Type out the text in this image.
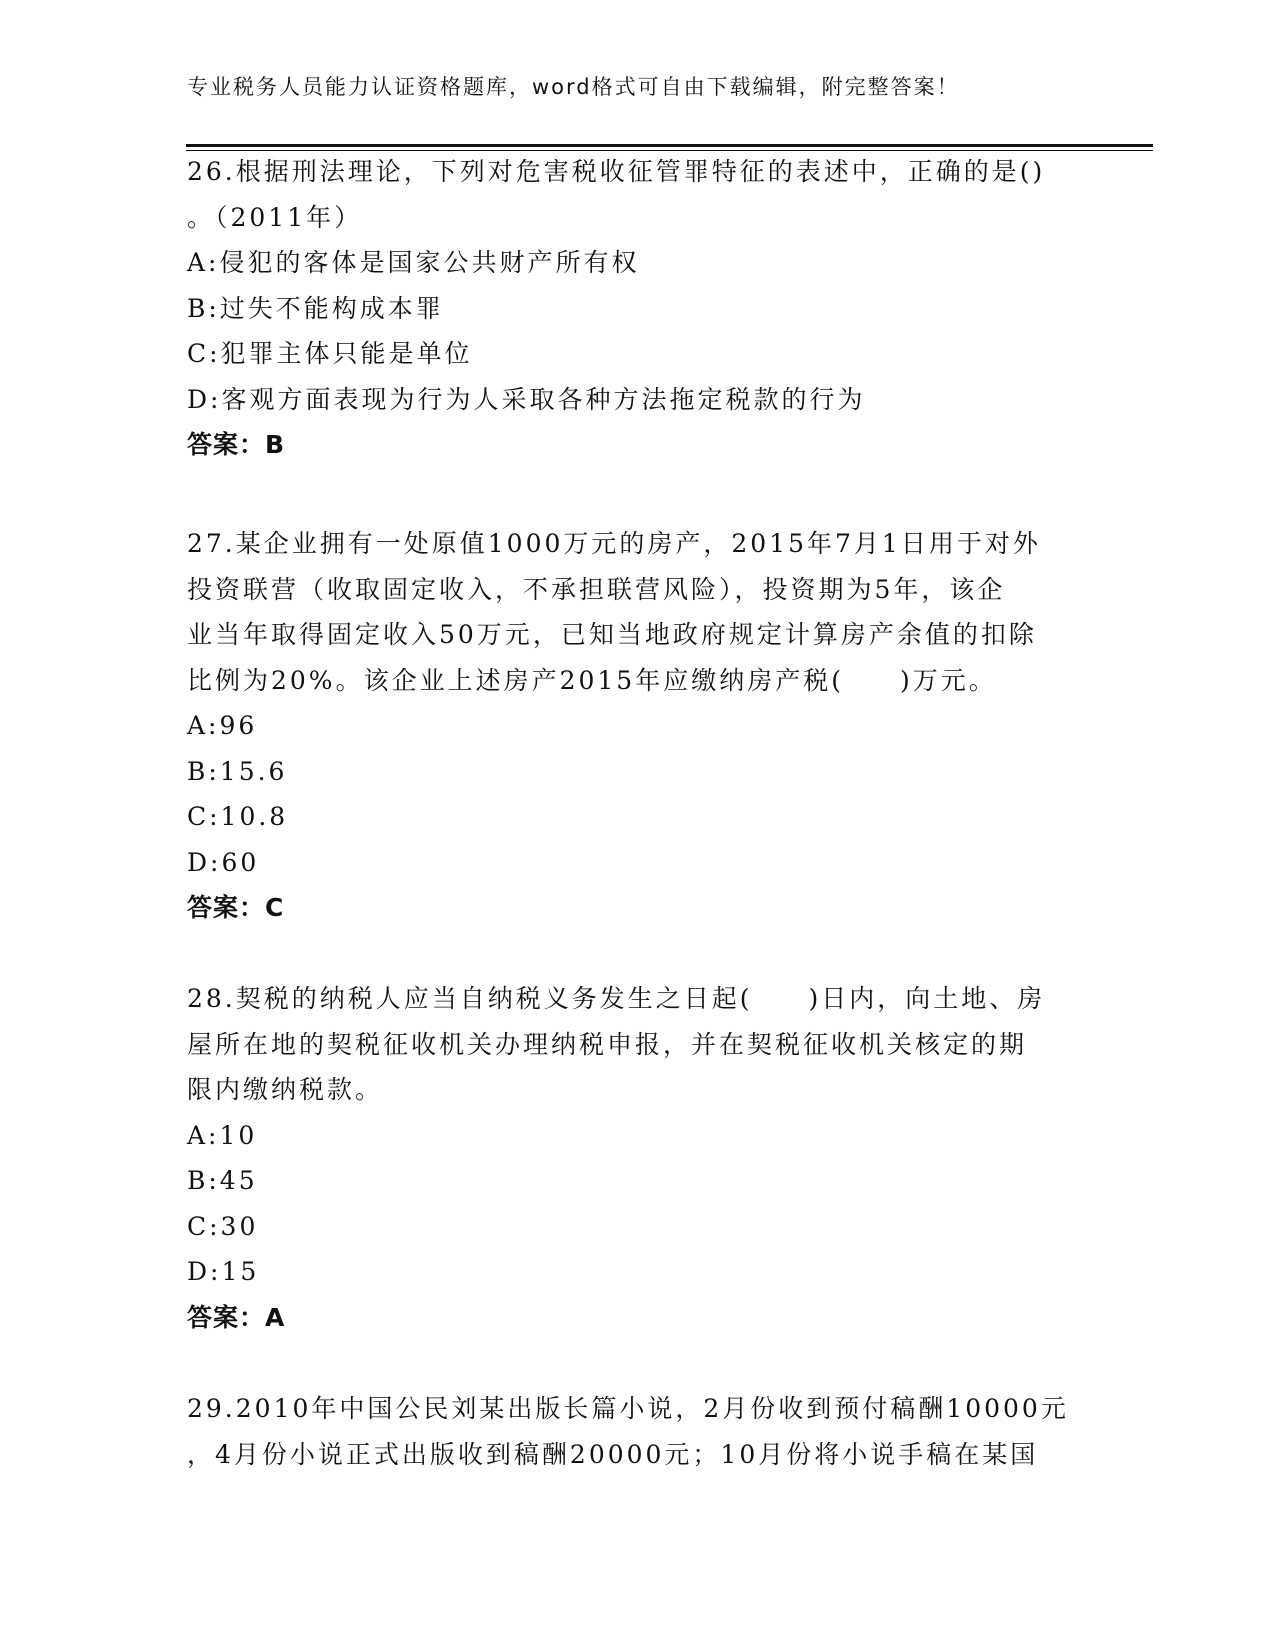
专业税务人员能力认证资格题库，word格式可自由下载编辑，附完整答案！

26.根据刑法理论，下列对危害税收征管罪特征的表述中，正确的是()

。（2011年）

A:侵犯的客体是国家公共财产所有权

B:过失不能构成本罪

C:犯罪主体只能是单位

D:客观方面表现为行为人采取各种方法拖定税款的行为

答案：B

27.某企业拥有一处原值1000万元的房产，2015年7月1日用于对外

投资联营（收取固定收入，不承担联营风险），投资期为5年，该企

业当年取得固定收入50万元，已知当地政府规定计算房产余值的扣除

比例为20%。该企业上述房产2015年应缴纳房产税(　　)万元。

A:96

B:15.6

C:10.8

D:60

答案：C

28.契税的纳税人应当自纳税义务发生之日起(　　)日内，向土地、房

屋所在地的契税征收机关办理纳税申报，并在契税征收机关核定的期

限内缴纳税款。

A:10

B:45

C:30

D:15

答案：A

29.2010年中国公民刘某出版长篇小说，2月份收到预付稿酬10000元

，4月份小说正式出版收到稿酬20000元；10月份将小说手稿在某国
